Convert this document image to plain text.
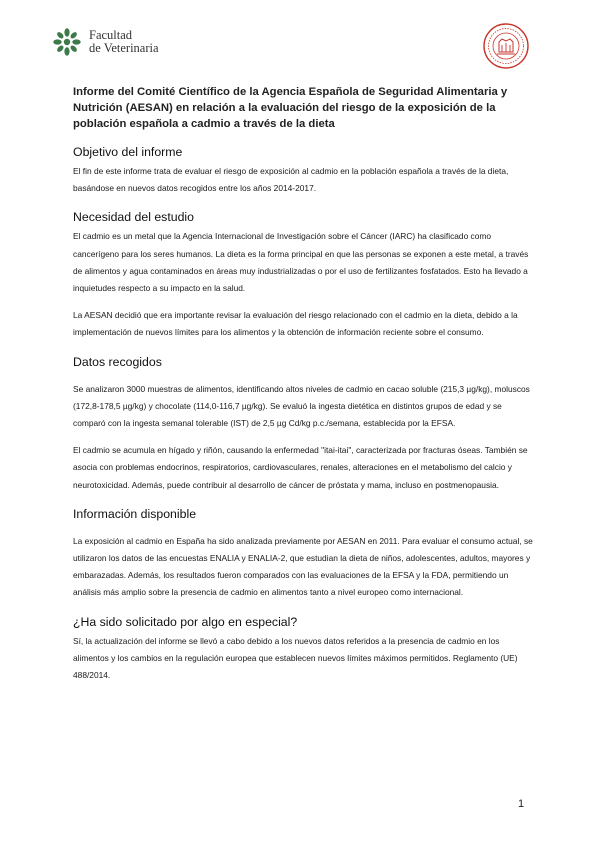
Facultad
de Veterinaria
Informe del Comité Científico de la Agencia Española de Seguridad Alimentaria y Nutrición (AESAN) en relación a la evaluación del riesgo de la exposición de la población española a cadmio a través de la dieta
Objetivo del informe

El fin de este informe trata de evaluar el riesgo de exposición al cadmio en la población española a través de la dieta, basándose en nuevos datos recogidos entre los años 2014-2017.

Necesidad del estudio

El cadmio es un metal que la Agencia Internacional de Investigación sobre el Cáncer (IARC) ha clasificado como cancerígeno para los seres humanos. La dieta es la forma principal en que las personas se exponen a este metal, a través de alimentos y agua contaminados en áreas muy industrializadas o por el uso de fertilizantes fosfatados. Esto ha llevado a inquietudes respecto a su impacto en la salud.

La AESAN decidió que era importante revisar la evaluación del riesgo relacionado con el cadmio en la dieta, debido a la implementación de nuevos límites para los alimentos y la obtención de información reciente sobre el consumo.

Datos recogidos

Se analizaron 3000 muestras de alimentos, identificando altos niveles de cadmio en cacao soluble (215,3 µg/kg), moluscos (172,8-178,5 µg/kg) y chocolate (114,0-116,7 µg/kg). Se evaluó la ingesta dietética en distintos grupos de edad y se comparó con la ingesta semanal tolerable (IST) de 2,5 µg Cd/kg p.c./semana, establecida por la EFSA.

El cadmio se acumula en hígado y riñón, causando la enfermedad "itai-itai", caracterizada por fracturas óseas. También se asocia con problemas endocrinos, respiratorios, cardiovasculares, renales, alteraciones en el metabolismo del calcio y neurotoxicidad. Además, puede contribuir al desarrollo de cáncer de próstata y mama, incluso en postmenopausia.

Información disponible

La exposición al cadmio en España ha sido analizada previamente por AESAN en 2011. Para evaluar el consumo actual, se utilizaron los datos de las encuestas ENALIA y ENALIA-2, que estudian la dieta de niños, adolescentes, adultos, mayores y embarazadas. Además, los resultados fueron comparados con las evaluaciones de la EFSA y la FDA, permitiendo un análisis más amplio sobre la presencia de cadmio en alimentos tanto a nivel europeo como internacional.

¿Ha sido solicitado por algo en especial?

Sí, la actualización del informe se llevó a cabo debido a los nuevos datos referidos a la presencia de cadmio en los alimentos y los cambios en la regulación europea que establecen nuevos límites máximos permitidos. Reglamento (UE) 488/2014.

1
